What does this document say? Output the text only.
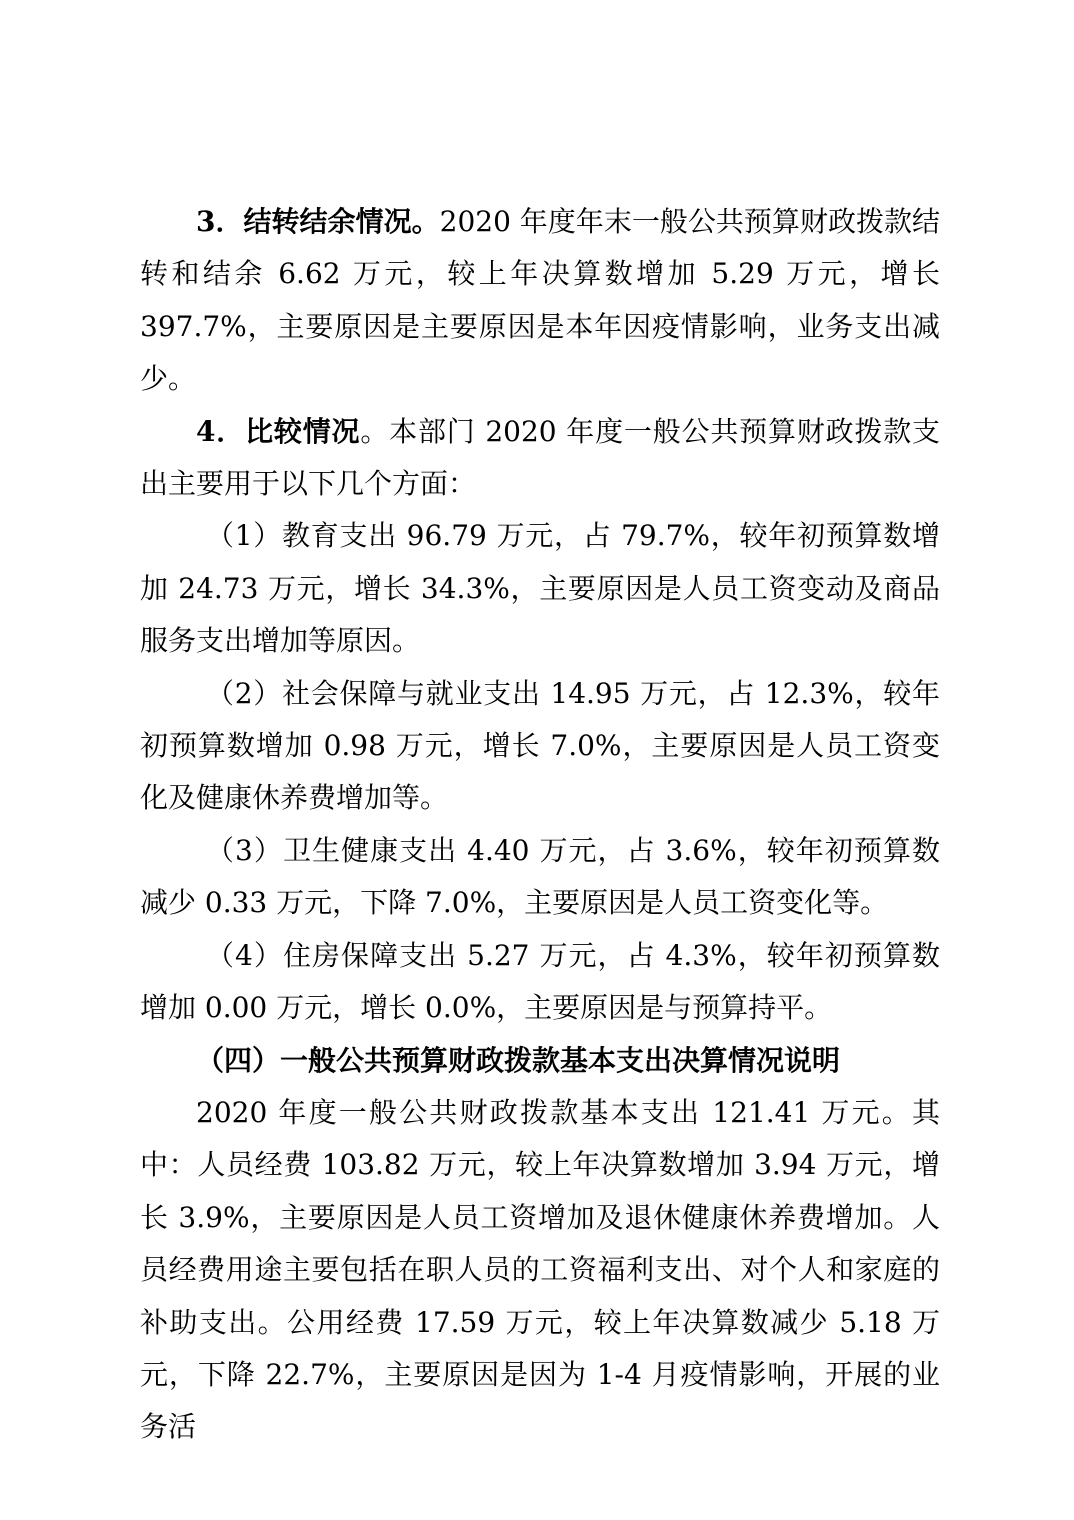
3．结转结余情况。2020 年度年末一般公共预算财政拨款结转和结余 6.62 万元，较上年决算数增加 5.29 万元，增长 397.7%，主要原因是主要原因是本年因疫情影响，业务支出减少。

4．比较情况。本部门 2020 年度一般公共预算财政拨款支出主要用于以下几个方面：

（1）教育支出 96.79 万元，占 79.7%，较年初预算数增加 24.73 万元，增长 34.3%，主要原因是人员工资变动及商品服务支出增加等原因。

（2）社会保障与就业支出 14.95 万元，占 12.3%，较年初预算数增加 0.98 万元，增长 7.0%，主要原因是人员工资变化及健康休养费增加等。

（3）卫生健康支出 4.40 万元，占 3.6%，较年初预算数减少 0.33 万元，下降 7.0%，主要原因是人员工资变化等。

（4）住房保障支出 5.27 万元，占 4.3%，较年初预算数增加 0.00 万元，增长 0.0%，主要原因是与预算持平。

（四）一般公共预算财政拨款基本支出决算情况说明

2020 年度一般公共财政拨款基本支出 121.41 万元。其中：人员经费 103.82 万元，较上年决算数增加 3.94 万元，增长 3.9%，主要原因是人员工资增加及退休健康休养费增加。人员经费用途主要包括在职人员的工资福利支出、对个人和家庭的补助支出。公用经费 17.59 万元，较上年决算数减少 5.18 万元，下降 22.7%，主要原因是因为 1-4 月疫情影响，开展的业务活
